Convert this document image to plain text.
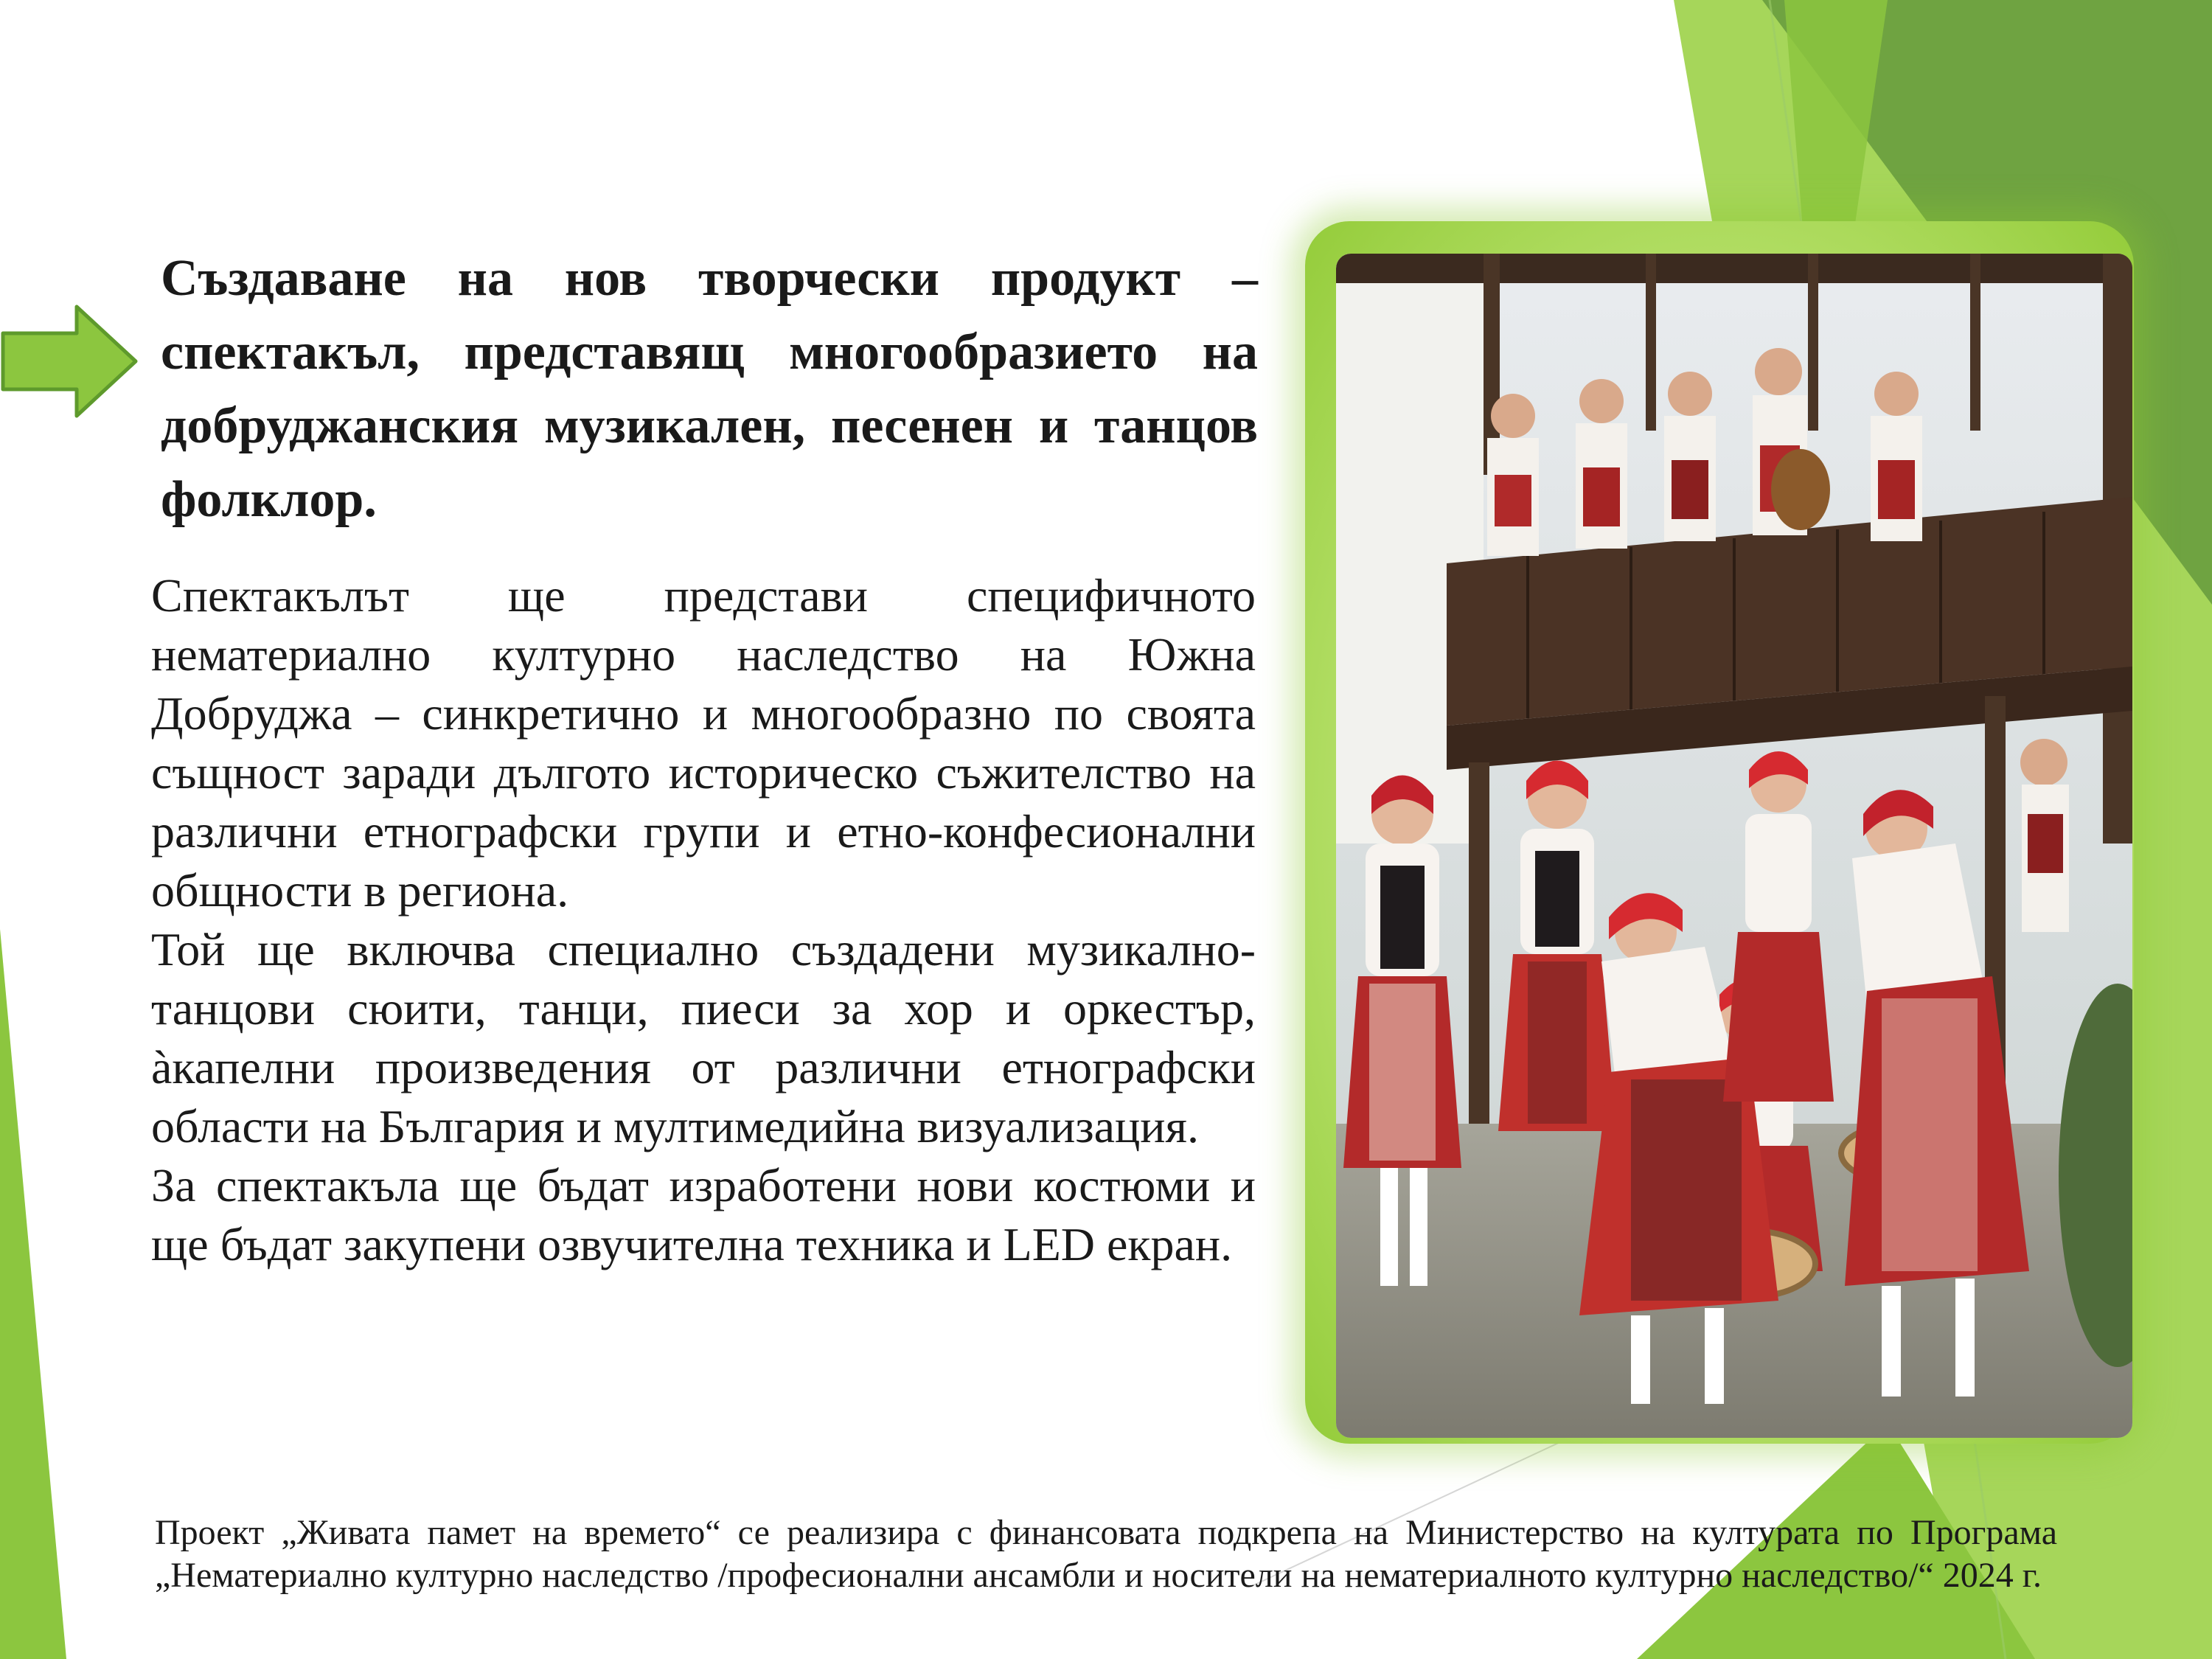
Създаване на нов творчески продукт – спектакъл, представящ многообразието на добруджанския музикален, песенен и танцов фолклор.

Спектакълът ще представи специфичното нематериално културно наследство на Южна Добруджа – синкретично и многообразно по своята същност заради дългото историческо съжителство на различни етнографски групи и етно-конфесионални общности в региона.

Той ще включва специално създадени музикално-танцови сюити, танци, пиеси за хор и оркестър, àкапелни произведения от различни етнографски области на България и мултимедийна визуализация.

За спектакъла ще бъдат изработени нови костюми и ще бъдат закупени озвучителна техника и LED екран.

Проект „Живата памет на времето“ се реализира с финансовата подкрепа на Министерство на културата по Програма „Нематериално културно наследство /професионални ансамбли и носители на нематериалното културно наследство/“ 2024 г.
